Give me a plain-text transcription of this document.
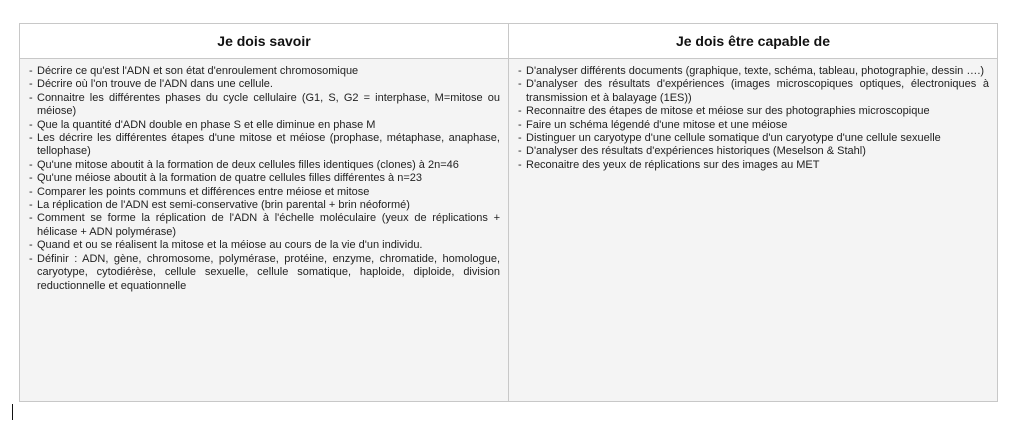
Je dois savoir	Je dois être capable de
- Décrire ce qu'est l'ADN et son état d'enroulement chromosomique
- Décrire où l'on trouve de l'ADN dans une cellule.
- Connaitre les différentes phases du cycle cellulaire (G1, S, G2 = interphase, M=mitose ou méiose)
- Que la quantité d'ADN double en phase S et elle diminue en phase M
- Les décrire les différentes étapes d'une mitose et méiose (prophase, métaphase, anaphase, tellophase)
- Qu'une mitose aboutit à la formation de deux cellules filles identiques (clones) à 2n=46
- Qu'une méiose aboutit à la formation de quatre cellules filles différentes à n=23
- Comparer les points communs et différences entre méiose et mitose
- La réplication de l'ADN est semi-conservative (brin parental + brin néoformé)
- Comment se forme la réplication de l'ADN à l'échelle moléculaire (yeux de réplications + hélicase + ADN polymérase)
- Quand et ou se réalisent la mitose et la méiose au cours de la vie d'un individu.
- Définir : ADN, gène, chromosome, polymérase, protéine, enzyme, chromatide, homologue, caryotype, cytodiérèse, cellule sexuelle, cellule somatique, haploide, diploide, division reductionnelle et equationnelle
- D'analyser différents documents (graphique, texte, schéma, tableau, photographie, dessin ….)
- D'analyser des résultats d'expériences (images microscopiques optiques, électroniques à transmission et à balayage (1ES))
- Reconnaitre des étapes de mitose et méiose sur des photographies microscopique
- Faire un schéma légendé d'une mitose et une méiose
- Distinguer un caryotype d'une cellule somatique d'un caryotype d'une cellule sexuelle
- D'analyser des résultats d'expériences historiques (Meselson & Stahl)
- Reconaitre des yeux de réplications sur des images au MET
